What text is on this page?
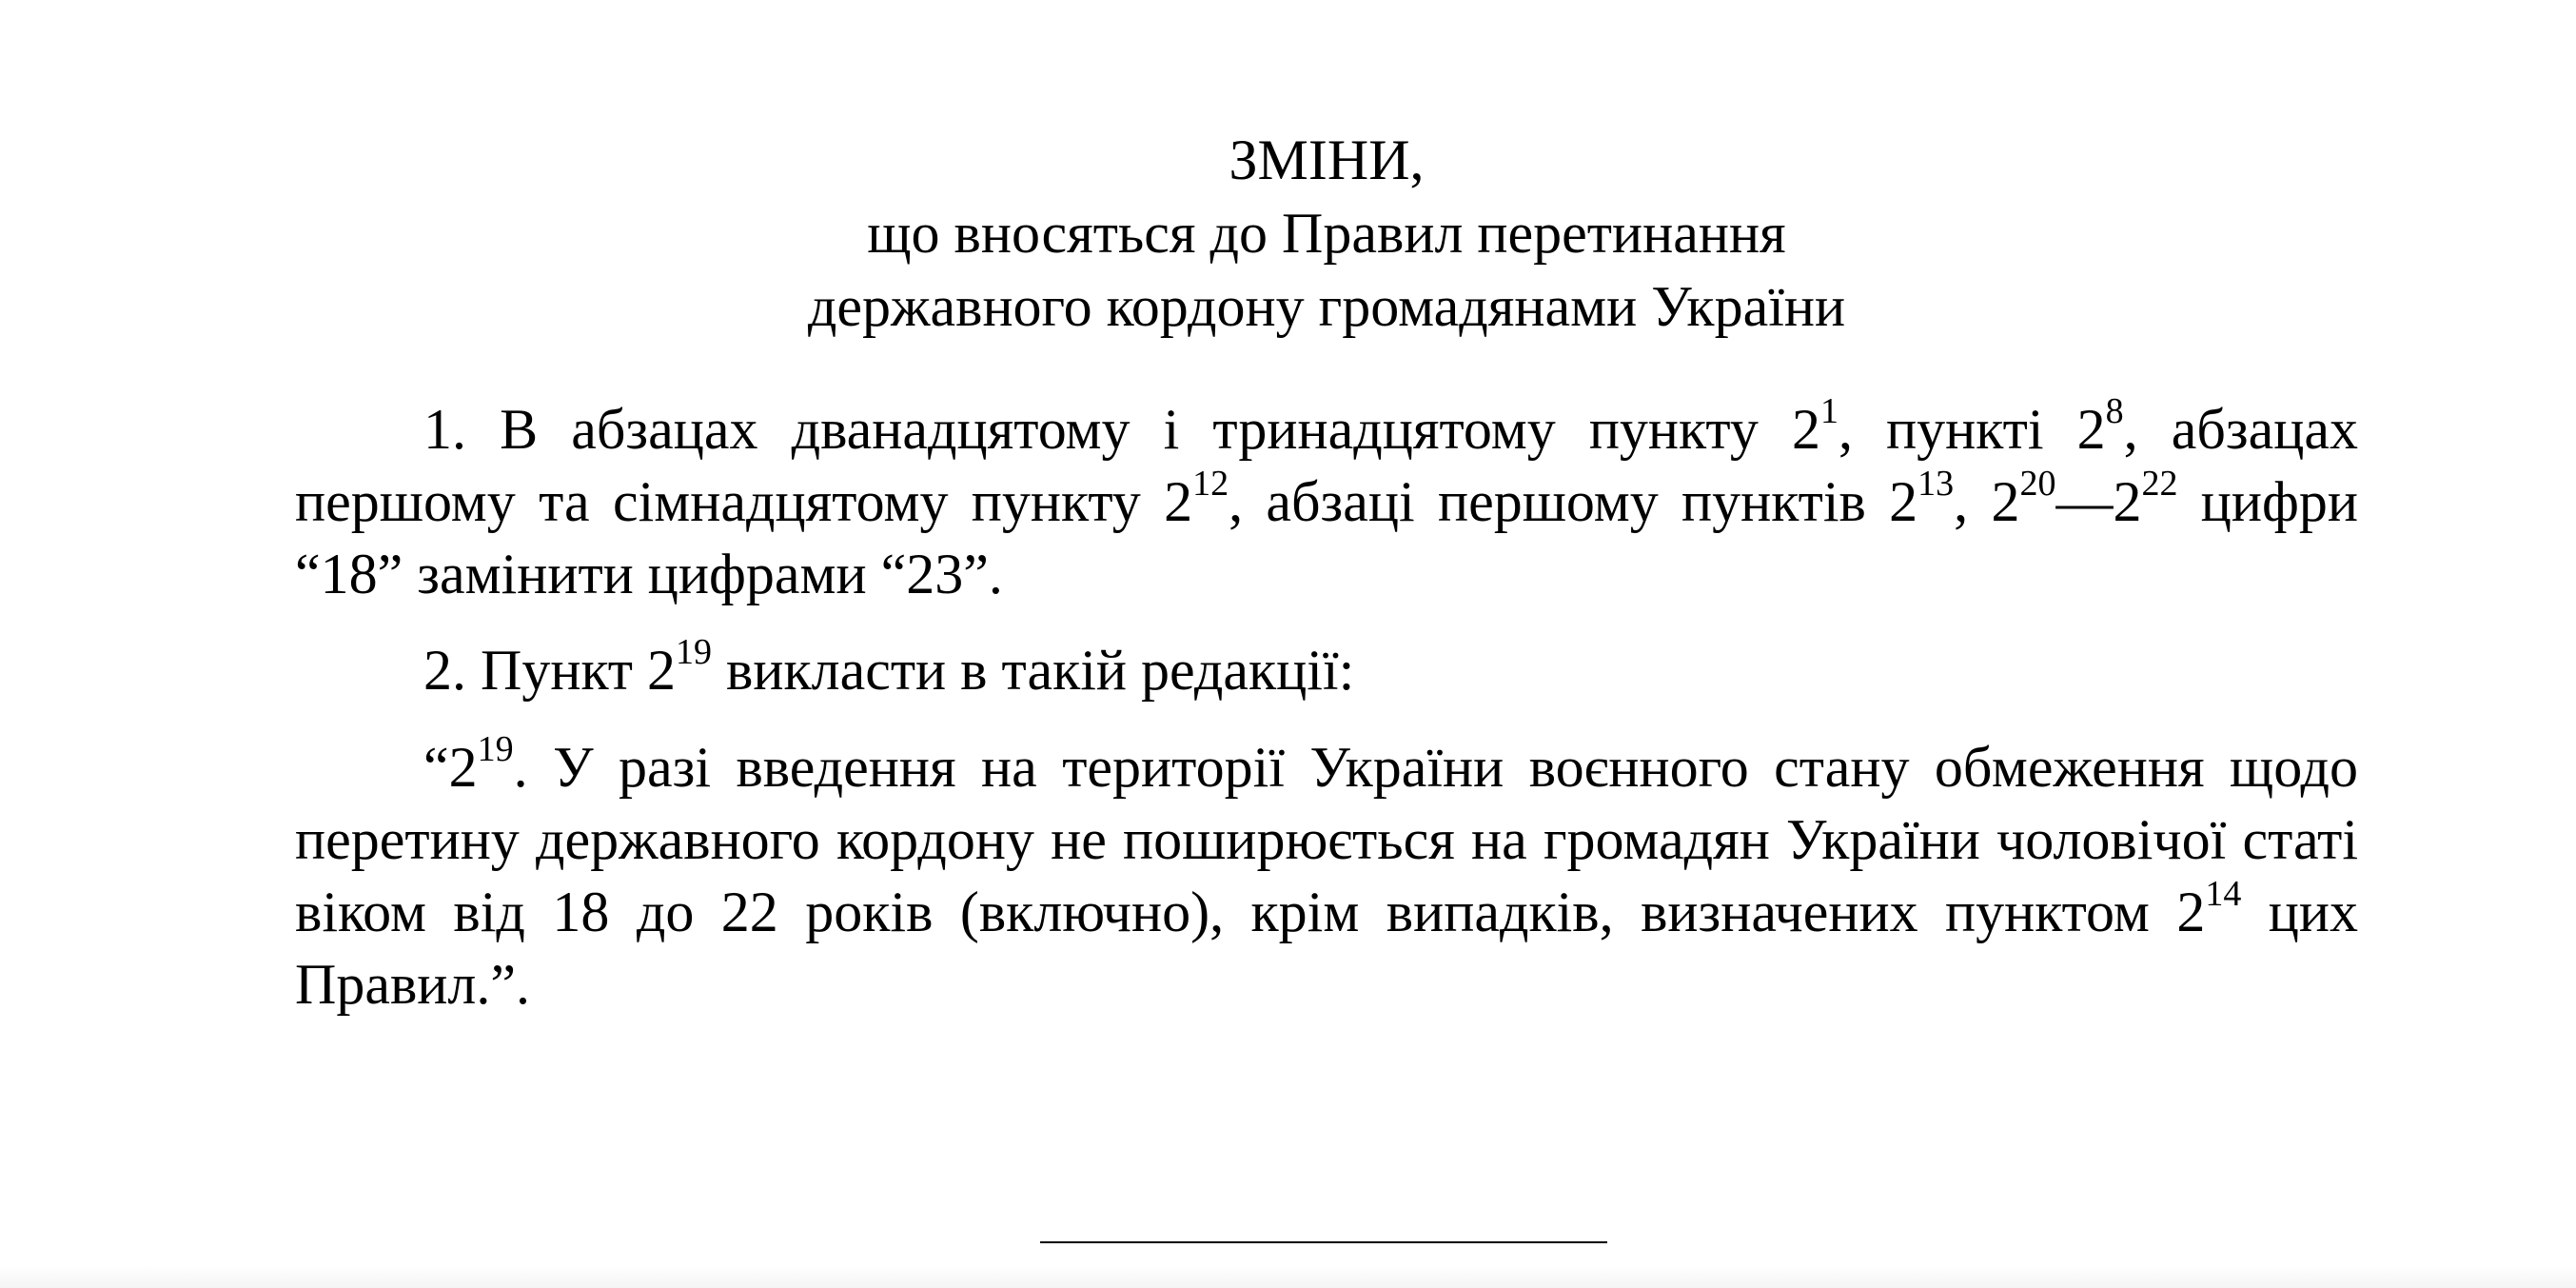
ЗМІНИ,
що вносяться до Правил перетинання
державного кордону громадянами України

1. В абзацах дванадцятому і тринадцятому пункту $2^1$, пункті $2^8$, абзацах першому та сімнадцятому пункту $2^{12}$, абзаці першому пунктів $2^{13}$, $2^{20}—2^{22}$ цифри “18” замінити цифрами “23”.

2. Пункт $2^{19}$ викласти в такій редакції:

“$2^{19}$. У разі введення на території України воєнного стану обмеження щодо перетину державного кордону не поширюється на громадян України чоловічої статі віком від 18 до 22 років (включно), крім випадків, визначених пунктом $2^{14}$ цих Правил.”.
